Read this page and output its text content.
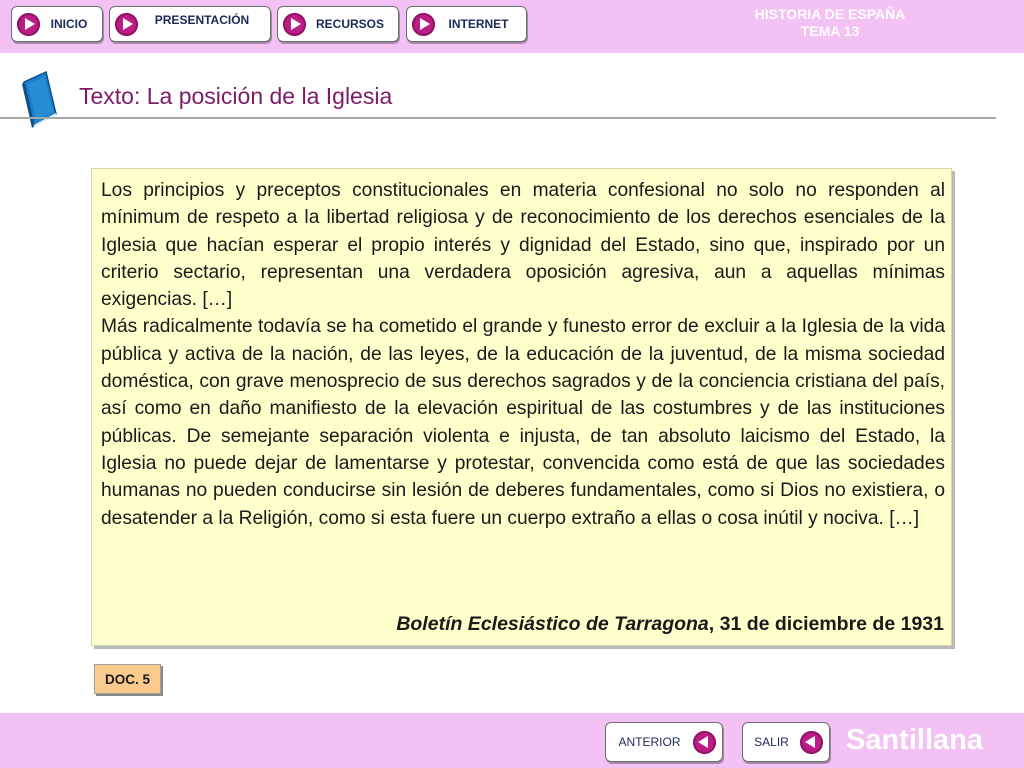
INICIO	PRESENTACIÓN	RECURSOS	INTERNET
HISTORIA DE ESPAÑA
TEMA 13
Texto: La posición de la Iglesia

Los principios y preceptos constitucionales en materia confesional no solo no responden al mínimum de respeto a la libertad religiosa y de reconocimiento de los derechos esenciales de la Iglesia que hacían esperar el propio interés y dignidad del Estado, sino que, inspirado por un criterio sectario, representan una verdadera oposición agresiva, aun a aquellas mínimas exigencias. […]

Más radicalmente todavía se ha cometido el grande y funesto error de excluir a la Iglesia de la vida pública y activa de la nación, de las leyes, de la educación de la juventud, de la misma sociedad doméstica, con grave menosprecio de sus derechos sagrados y de la conciencia cristiana del país, así como en daño manifiesto de la elevación espiritual de las costumbres y de las instituciones públicas. De semejante separación violenta e injusta, de tan absoluto laicismo del Estado, la Iglesia no puede dejar de lamentarse y protestar, convencida como está de que las sociedades humanas no pueden conducirse sin lesión de deberes fundamentales, como si Dios no existiera, o desatender a la Religión, como si esta fuere un cuerpo extraño a ellas o cosa inútil y nociva. […]

Boletín Eclesiástico de Tarragona, 31 de diciembre de 1931
DOC. 5
ANTERIOR	SALIR	Santillana
